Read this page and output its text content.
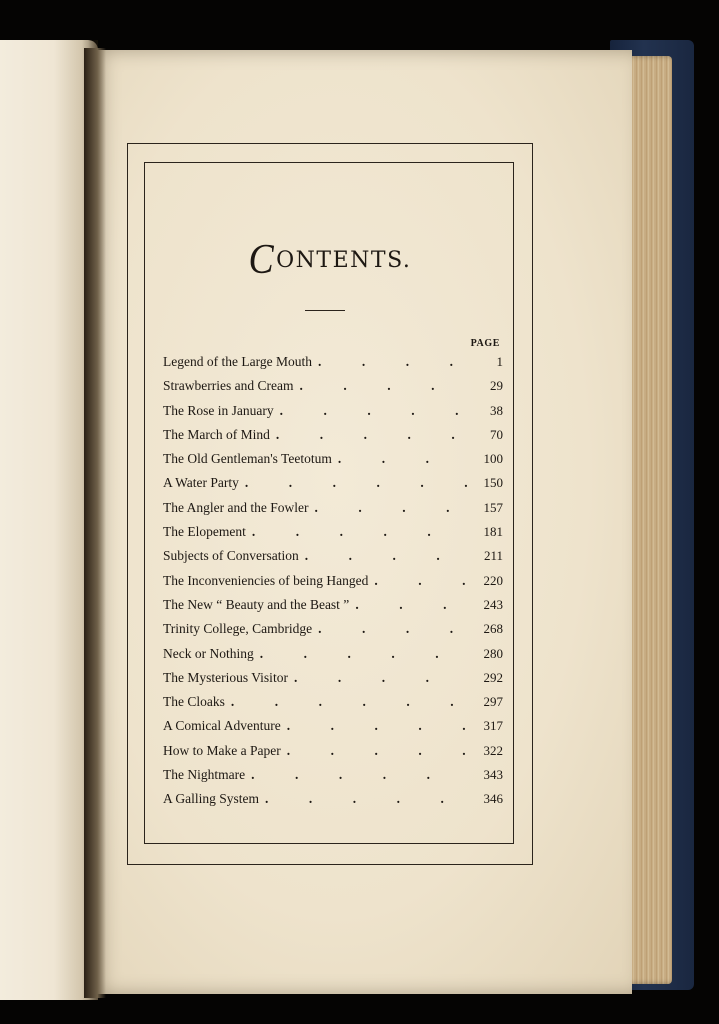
CONTENTS.
PAGE
Legend of the Large Mouth .	1
Strawberries and Cream .	29
The Rose in January .	38
The March of Mind .	70
The Old Gentleman's Teetotum .	100
A Water Party .	150
The Angler and the Fowler .	157
The Elopement .	181
Subjects of Conversation .	211
The Inconveniencies of being Hanged .	220
The New “ Beauty and the Beast ” .	243
Trinity College, Cambridge .	268
Neck or Nothing .	280
The Mysterious Visitor .	292
The Cloaks .	297
A Comical Adventure .	317
How to Make a Paper .	322
The Nightmare .	343
A Galling System .	346
